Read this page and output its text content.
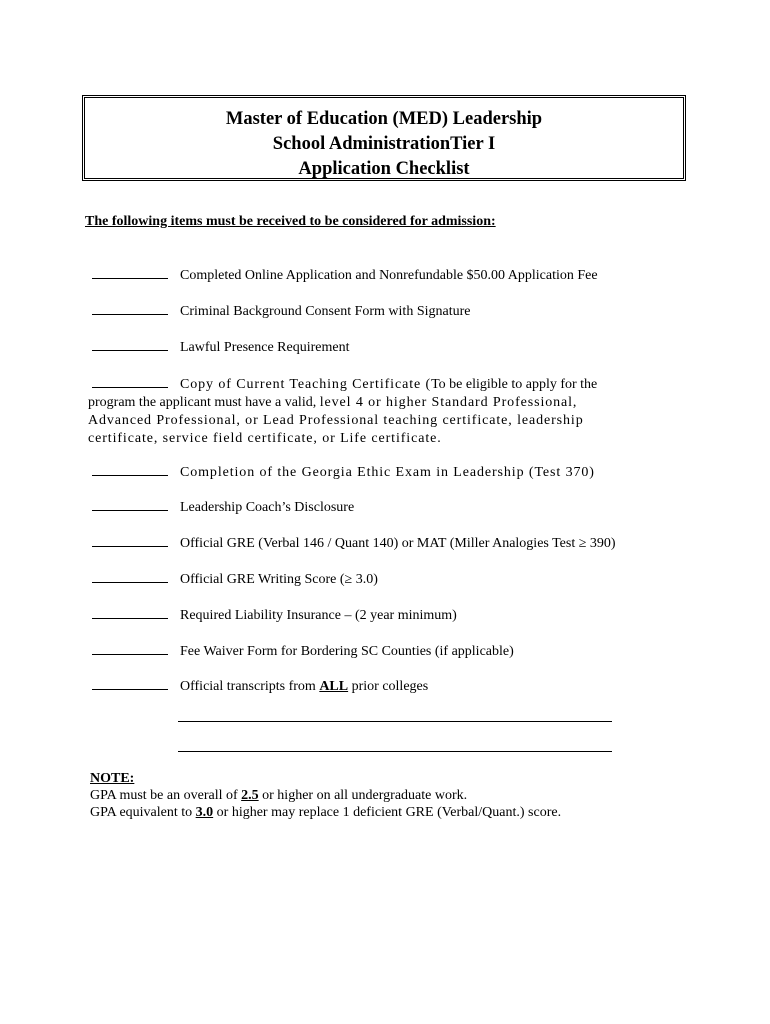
Master of Education (MED) Leadership
School AdministrationTier I
Application Checklist
The following items must be received to be considered for admission:
Completed Online Application and Nonrefundable $50.00 Application Fee
Criminal Background Consent Form with Signature
Lawful Presence Requirement
Copy of Current Teaching Certificate (To be eligible to apply for the
program the applicant must have a valid, level 4 or higher Standard Professional,
Advanced Professional, or Lead Professional teaching certificate, leadership
certificate, service field certificate, or Life certificate.
Completion of the Georgia Ethic Exam in Leadership (Test 370)
Leadership Coach’s Disclosure
Official GRE (Verbal 146 / Quant 140) or MAT (Miller Analogies Test ≥ 390)
Official GRE Writing Score (≥ 3.0)
Required Liability Insurance – (2 year minimum)
Fee Waiver Form for Bordering SC Counties (if applicable)
Official transcripts from ALL prior colleges
NOTE:
GPA must be an overall of 2.5 or higher on all undergraduate work.
GPA equivalent to 3.0 or higher may replace 1 deficient GRE (Verbal/Quant.) score.
